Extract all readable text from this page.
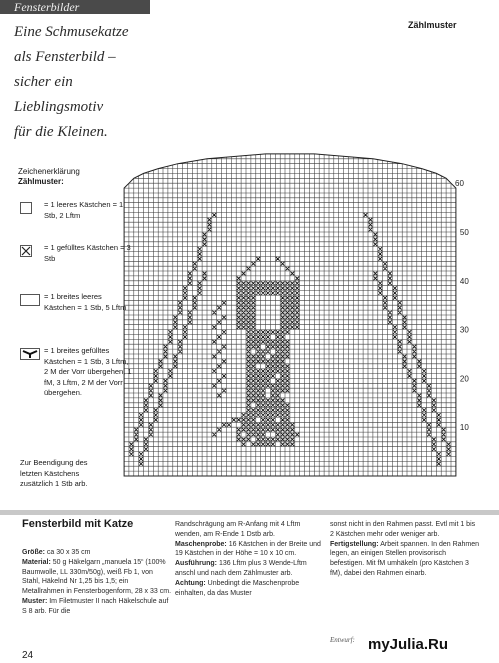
Fensterbilder
Eine Schmusekatze
als Fensterbild –
sicher ein
Lieblingsmotiv
für die Kleinen.
Zählmuster
10
20
30
40
50
60
Zeichenerklärung
Zählmuster:
= 1 leeres Kästchen = 1 Stb, 2 Lftm
= 1 gefülltes Kästchen = 3 Stb
= 1 breites leeres Kästchen = 1 Stb, 5 Lftm
= 1 breites gefülltes Kästchen = 1 Stb, 3 Lftm, 2 M der Vorr übergehen, 1 fM, 3 Lftm, 2 M der Vorr übergehen.
Zur Beendigung des letzten Kästchens zusätzlich 1 Stb arb.
Fensterbild mit Katze

Größe: ca 30 x 35 cm

Material: 50 g Häkelgarn „manuela 15“ (100% Baumwolle, LL 330m/50g), weiß Fb 1, von Stahl, Häkelnd Nr 1,25 bis 1,5; ein Metallrahmen in Fensterbogenform, 28 x 33 cm.

Muster: Im Filetmuster II nach Häkelschule auf S 8 arb. Für die

Randschrägung am R-Anfang mit 4 Lftm wenden, am R-Ende 1 Dstb arb.

Maschenprobe: 16 Kästchen in der Breite und 19 Kästchen in der Höhe = 10 x 10 cm.

Ausführung: 136 Lftm plus 3 Wende-Lftm anschl und nach dem Zählmuster arb.

Achtung: Unbedingt die Maschenprobe einhalten, da das Muster

sonst nicht in den Rahmen passt. Evtl mit 1 bis 2 Kästchen mehr oder weniger arb.

Fertigstellung: Arbeit spannen. In den Rahmen legen, an einigen Stellen provisorisch befestigen. Mit fM umhäkeln (pro Kästchen 3 fM), dabei den Rahmen einarb.

24
Entwurf: myJulia.Ru
